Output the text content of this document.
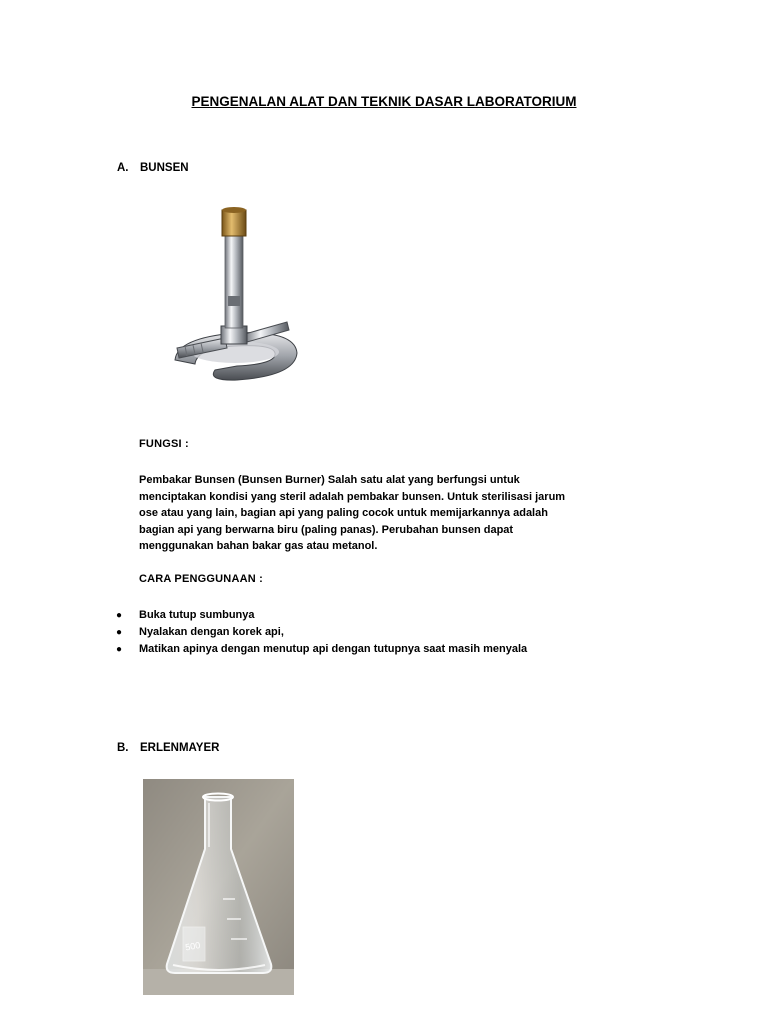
PENGENALAN ALAT DAN TEKNIK DASAR LABORATORIUM
A. BUNSEN
FUNGSI :
Pembakar Bunsen (Bunsen Burner) Salah satu alat yang berfungsi untuk
menciptakan kondisi yang steril adalah pembakar bunsen. Untuk sterilisasi jarum
ose atau yang lain, bagian api yang paling cocok untuk memijarkannya adalah
bagian api yang berwarna biru (paling panas). Perubahan bunsen dapat
menggunakan bahan bakar gas atau metanol.
CARA PENGGUNAAN :
● Buka tutup sumbunya
● Nyalakan dengan korek api,
● Matikan apinya dengan menutup api dengan tutupnya saat masih menyala
B. ERLENMAYER
500
